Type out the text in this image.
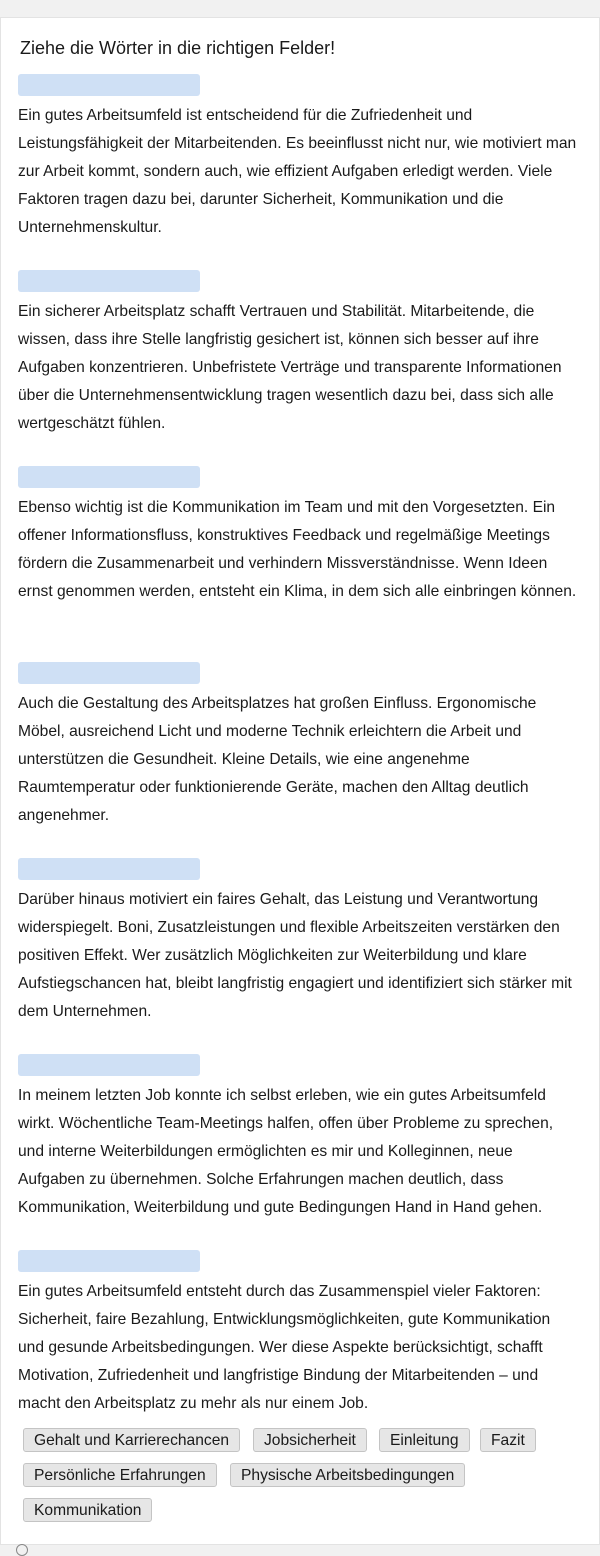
Ziehe die Wörter in die richtigen Felder!
Ein gutes Arbeitsumfeld ist entscheidend für die Zufriedenheit und Leistungsfähigkeit der Mitarbeitenden. Es beeinflusst nicht nur, wie motiviert man zur Arbeit kommt, sondern auch, wie effizient Aufgaben erledigt werden. Viele Faktoren tragen dazu bei, darunter Sicherheit, Kommunikation und die Unternehmenskultur.
Ein sicherer Arbeitsplatz schafft Vertrauen und Stabilität. Mitarbeitende, die wissen, dass ihre Stelle langfristig gesichert ist, können sich besser auf ihre Aufgaben konzentrieren. Unbefristete Verträge und transparente Informationen über die Unternehmensentwicklung tragen wesentlich dazu bei, dass sich alle wertgeschätzt fühlen.
Ebenso wichtig ist die Kommunikation im Team und mit den Vorgesetzten. Ein offener Informationsfluss, konstruktives Feedback und regelmäßige Meetings fördern die Zusammenarbeit und verhindern Missverständnisse. Wenn Ideen ernst genommen werden, entsteht ein Klima, in dem sich alle einbringen können.
Auch die Gestaltung des Arbeitsplatzes hat großen Einfluss. Ergonomische Möbel, ausreichend Licht und moderne Technik erleichtern die Arbeit und unterstützen die Gesundheit. Kleine Details, wie eine angenehme Raumtemperatur oder funktionierende Geräte, machen den Alltag deutlich angenehmer.
Darüber hinaus motiviert ein faires Gehalt, das Leistung und Verantwortung widerspiegelt. Boni, Zusatzleistungen und flexible Arbeitszeiten verstärken den positiven Effekt. Wer zusätzlich Möglichkeiten zur Weiterbildung und klare Aufstiegschancen hat, bleibt langfristig engagiert und identifiziert sich stärker mit dem Unternehmen.
In meinem letzten Job konnte ich selbst erleben, wie ein gutes Arbeitsumfeld wirkt. Wöchentliche Team-Meetings halfen, offen über Probleme zu sprechen, und interne Weiterbildungen ermöglichten es mir und Kolleginnen, neue Aufgaben zu übernehmen. Solche Erfahrungen machen deutlich, dass Kommunikation, Weiterbildung und gute Bedingungen Hand in Hand gehen.
Ein gutes Arbeitsumfeld entsteht durch das Zusammenspiel vieler Faktoren: Sicherheit, faire Bezahlung, Entwicklungsmöglichkeiten, gute Kommunikation und gesunde Arbeitsbedingungen. Wer diese Aspekte berücksichtigt, schafft Motivation, Zufriedenheit und langfristige Bindung der Mitarbeitenden – und macht den Arbeitsplatz zu mehr als nur einem Job.
Gehalt und Karrierechancen	Jobsicherheit	Einleitung	Fazit
Persönliche Erfahrungen	Physische Arbeitsbedingungen
Kommunikation
